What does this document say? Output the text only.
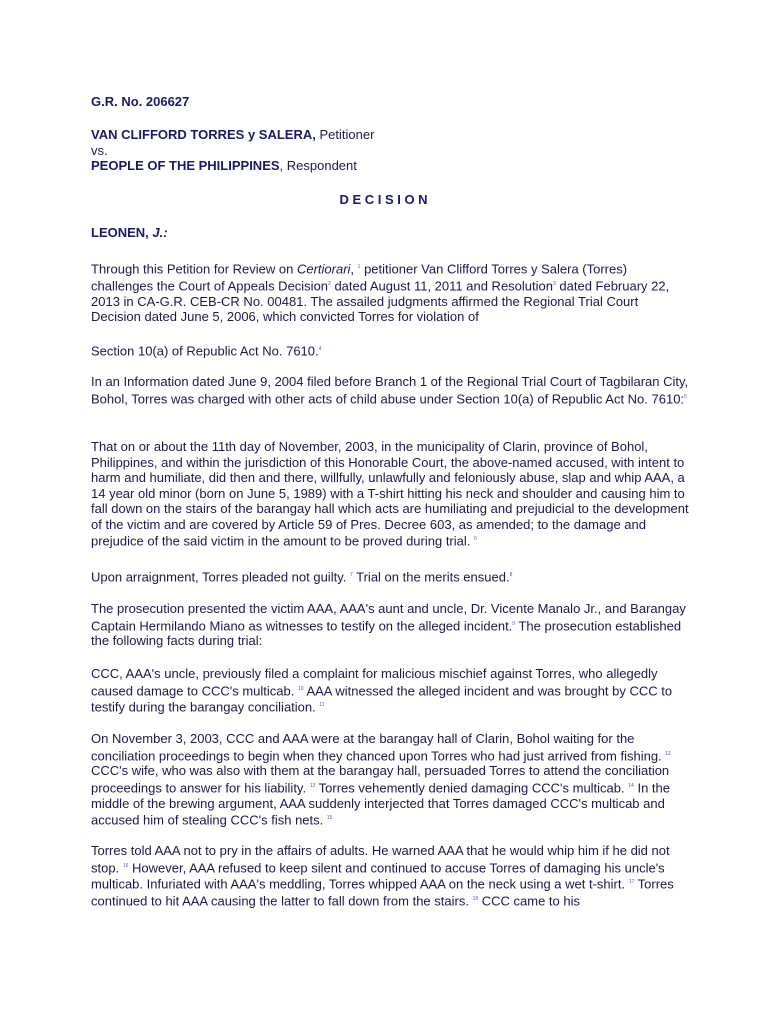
G.R. No. 206627
VAN CLIFFORD TORRES y SALERA, Petitioner
vs.
PEOPLE OF THE PHILIPPINES, Respondent
D E C I S I O N
LEONEN, J.:
Through this Petition for Review on Certiorari, $^1$ petitioner Van Clifford Torres y Salera (Torres) challenges the Court of Appeals Decision$^2$ dated August 11, 2011 and Resolution$^3$ dated February 22, 2013 in CA-G.R. CEB-CR No. 00481. The assailed judgments affirmed the Regional Trial Court Decision dated June 5, 2006, which convicted Torres for violation of
Section 10(a) of Republic Act No. 7610.$^4$
In an Information dated June 9, 2004 filed before Branch 1 of the Regional Trial Court of Tagbilaran City, Bohol, Torres was charged with other acts of child abuse under Section 10(a) of Republic Act No. 7610:$^5$
That on or about the 11th day of November, 2003, in the municipality of Clarin, province of Bohol, Philippines, and within the jurisdiction of this Honorable Court, the above-named accused, with intent to harm and humiliate, did then and there, willfully, unlawfully and feloniously abuse, slap and whip AAA, a 14 year old minor (born on June 5, 1989) with a T-shirt hitting his neck and shoulder and causing him to fall down on the stairs of the barangay hall which acts are humiliating and prejudicial to the development of the victim and are covered by Article 59 of Pres. Decree 603, as amended; to the damage and prejudice of the said victim in the amount to be proved during trial. $^6$
Upon arraignment, Torres pleaded not guilty. $^7$ Trial on the merits ensued.$^8$
The prosecution presented the victim AAA, AAA's aunt and uncle, Dr. Vicente Manalo Jr., and Barangay Captain Hermilando Miano as witnesses to testify on the alleged incident.$^9$ The prosecution established the following facts during trial:
CCC, AAA's uncle, previously filed a complaint for malicious mischief against Torres, who allegedly caused damage to CCC's multicab. $^{10}$ AAA witnessed the alleged incident and was brought by CCC to testify during the barangay conciliation. $^{11}$
On November 3, 2003, CCC and AAA were at the barangay hall of Clarin, Bohol waiting for the conciliation proceedings to begin when they chanced upon Torres who had just arrived from fishing. $^{12}$ CCC's wife, who was also with them at the barangay hall, persuaded Torres to attend the conciliation proceedings to answer for his liability. $^{13}$ Torres vehemently denied damaging CCC's multicab. $^{14}$ In the middle of the brewing argument, AAA suddenly interjected that Torres damaged CCC's multicab and accused him of stealing CCC's fish nets. $^{15}$
Torres told AAA not to pry in the affairs of adults. He warned AAA that he would whip him if he did not stop. $^{16}$ However, AAA refused to keep silent and continued to accuse Torres of damaging his uncle's multicab. Infuriated with AAA's meddling, Torres whipped AAA on the neck using a wet t-shirt. $^{17}$ Torres continued to hit AAA causing the latter to fall down from the stairs. $^{18}$ CCC came to his
